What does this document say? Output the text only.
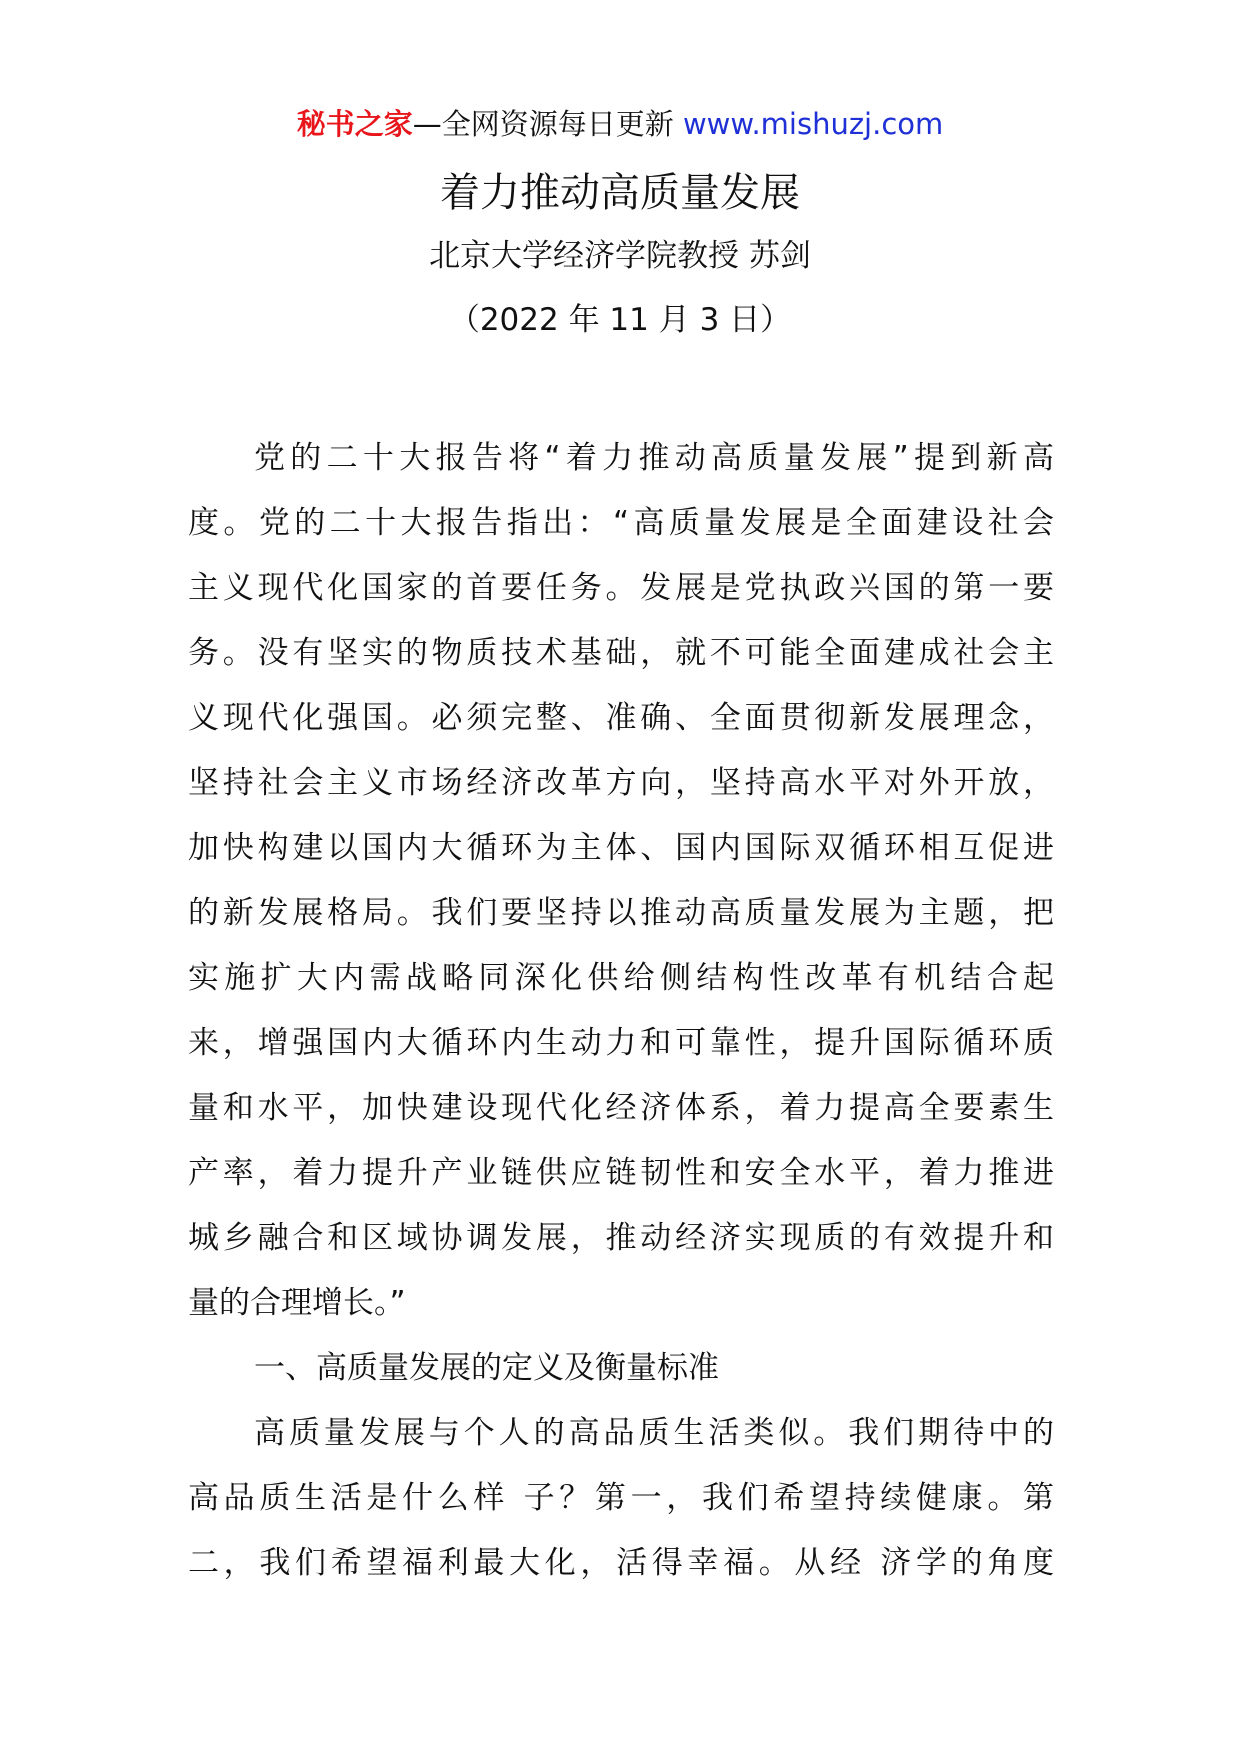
秘书之家—全网资源每日更新 www.mishuzj.com
着力推动高质量发展
北京大学经济学院教授 苏剑
（2022 年 11 月 3 日）
党的二十大报告将“着力推动高质量发展”提到新高
度。党的二十大报告指出：“高质量发展是全面建设社会
主义现代化国家的首要任务。发展是党执政兴国的第一要
务。没有坚实的物质技术基础，就不可能全面建成社会主
义现代化强国。必须完整、准确、全面贯彻新发展理念，
坚持社会主义市场经济改革方向，坚持高水平对外开放，
加快构建以国内大循环为主体、国内国际双循环相互促进
的新发展格局。我们要坚持以推动高质量发展为主题，把
实施扩大内需战略同深化供给侧结构性改革有机结合起
来，增强国内大循环内生动力和可靠性，提升国际循环质
量和水平，加快建设现代化经济体系，着力提高全要素生
产率，着力提升产业链供应链韧性和安全水平，着力推进
城乡融合和区域协调发展，推动经济实现质的有效提升和
量的合理增长。”
一、高质量发展的定义及衡量标准
高质量发展与个人的高品质生活类似。我们期待中的
高品质生活是什么样 子？第一，我们希望持续健康。第
二，我们希望福利最大化，活得幸福。从经 济学的角度
